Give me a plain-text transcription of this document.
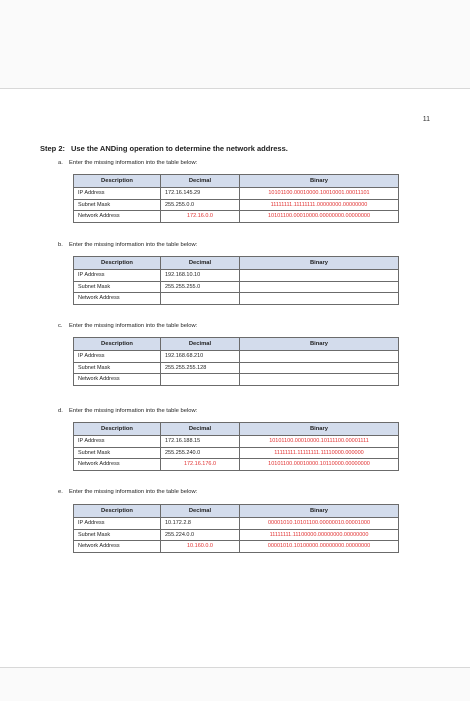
11
Step 2: Use the ANDing operation to determine the network address.
a. Enter the missing information into the table below:
Description	Decimal	Binary
IP Address	172.16.145.29	10101100.00010000.10010001.00011101
Subnet Mask	255.255.0.0	11111111.11111111.00000000.00000000
Network Address	172.16.0.0	10101100.00010000.00000000.00000000
b. Enter the missing information into the table below:
Description	Decimal	Binary
IP Address	192.168.10.10	
Subnet Mask	255.255.255.0	
Network Address		
c. Enter the missing information into the table below:
Description	Decimal	Binary
IP Address	192.168.68.210	
Subnet Mask	255.255.255.128	
Network Address		
d. Enter the missing information into the table below:
Description	Decimal	Binary
IP Address	172.16.188.15	10101100.00010000.10111100.00001111
Subnet Mask	255.255.240.0	11111111.11111111.11110000.000000
Network Address	172.16.176.0	10101100.00010000.10110000.00000000
e. Enter the missing information into the table below:
Description	Decimal	Binary
IP Address	10.172.2.8	00001010.10101100.00000010.00001000
Subnet Mask	255.224.0.0	11111111.11100000.00000000.00000000
Network Address	10.160.0.0	00001010.10100000.00000000.00000000
